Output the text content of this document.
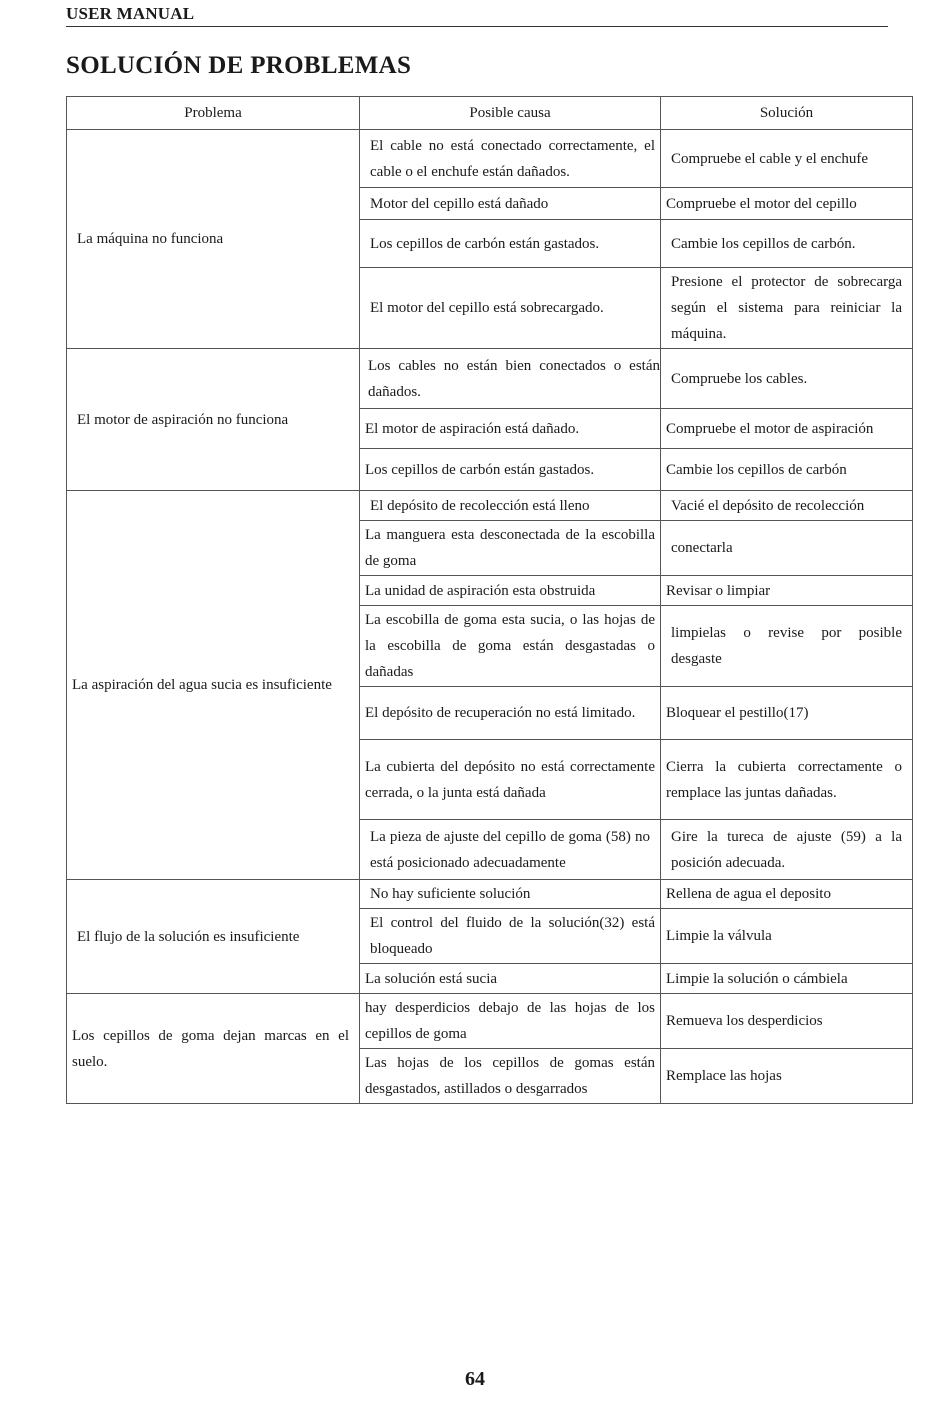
USER MANUAL
SOLUCIÓN DE PROBLEMAS
Problema	Posible causa	Solución
La máquina no funciona	El cable no está conectado correctamente, el cable o el enchufe están dañados.	Compruebe el cable y el enchufe
	Motor del cepillo está dañado	Compruebe el motor del cepillo
	Los cepillos de carbón están gastados.	Cambie los cepillos de carbón.
	El motor del cepillo está sobrecargado.	Presione el protector de sobrecarga según el sistema para reiniciar la máquina.
El motor de aspiración no funciona	Los cables no están bien conectados o están dañados.	Compruebe los cables.
	El motor de aspiración está dañado.	Compruebe el motor de aspiración
	Los cepillos de carbón están gastados.	Cambie los cepillos de carbón
La aspiración del agua sucia es insuficiente	El depósito de recolección está lleno	Vacié el depósito de recolección
	La manguera esta desconectada de la escobilla de goma	conectarla
	La unidad de aspiración esta obstruida	Revisar o limpiar
	La escobilla de goma esta sucia, o las hojas de la escobilla de goma están desgastadas o dañadas	limpielas o revise por posible desgaste
	El depósito de recuperación no está limitado.	Bloquear el pestillo(17)
	La cubierta del depósito no está correctamente cerrada, o la junta está dañada	Cierra la cubierta correctamente o remplace las juntas dañadas.
	La pieza de ajuste del cepillo de goma (58) no está posicionado adecuadamente	Gire la tureca de ajuste (59) a la posición adecuada.
El flujo de la solución es insuficiente	No hay suficiente solución	Rellena de agua el deposito
	El control del fluido de la solución(32) está bloqueado	Limpie la válvula
	La solución está sucia	Limpie la solución o cámbiela
Los cepillos de goma dejan marcas en el suelo.	hay desperdicios debajo de las hojas de los cepillos de goma	Remueva los desperdicios
	Las hojas de los cepillos de gomas están desgastados, astillados o desgarrados	Remplace las hojas
64
